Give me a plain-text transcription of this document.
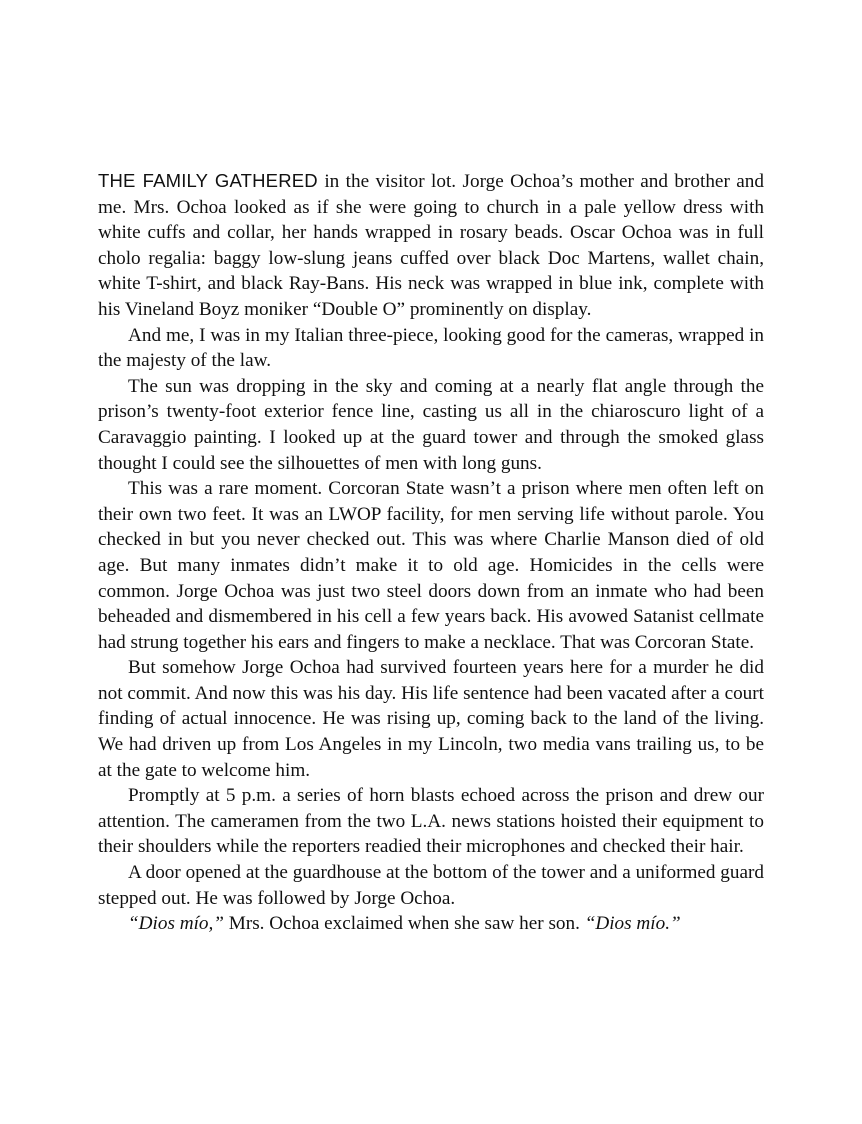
THE FAMILY GATHERED in the visitor lot. Jorge Ochoa’s mother and brother and me. Mrs. Ochoa looked as if she were going to church in a pale yellow dress with white cuffs and collar, her hands wrapped in rosary beads. Oscar Ochoa was in full cholo regalia: baggy low-slung jeans cuffed over black Doc Martens, wallet chain, white T-shirt, and black Ray-Bans. His neck was wrapped in blue ink, complete with his Vineland Boyz moniker “Double O” prominently on display.

And me, I was in my Italian three-piece, looking good for the cameras, wrapped in the majesty of the law.

The sun was dropping in the sky and coming at a nearly flat angle through the prison’s twenty-foot exterior fence line, casting us all in the chiaroscuro light of a Caravaggio painting. I looked up at the guard tower and through the smoked glass thought I could see the silhouettes of men with long guns.

This was a rare moment. Corcoran State wasn’t a prison where men often left on their own two feet. It was an LWOP facility, for men serving life without parole. You checked in but you never checked out. This was where Charlie Manson died of old age. But many inmates didn’t make it to old age. Homicides in the cells were common. Jorge Ochoa was just two steel doors down from an inmate who had been beheaded and dismembered in his cell a few years back. His avowed Satanist cellmate had strung together his ears and fingers to make a necklace. That was Corcoran State.

But somehow Jorge Ochoa had survived fourteen years here for a murder he did not commit. And now this was his day. His life sentence had been vacated after a court finding of actual innocence. He was rising up, coming back to the land of the living. We had driven up from Los Angeles in my Lincoln, two media vans trailing us, to be at the gate to welcome him.

Promptly at 5 p.m. a series of horn blasts echoed across the prison and drew our attention. The cameramen from the two L.A. news stations hoisted their equipment to their shoulders while the reporters readied their microphones and checked their hair.

A door opened at the guardhouse at the bottom of the tower and a uniformed guard stepped out. He was followed by Jorge Ochoa.

“Dios mío,” Mrs. Ochoa exclaimed when she saw her son. “Dios mío.”
